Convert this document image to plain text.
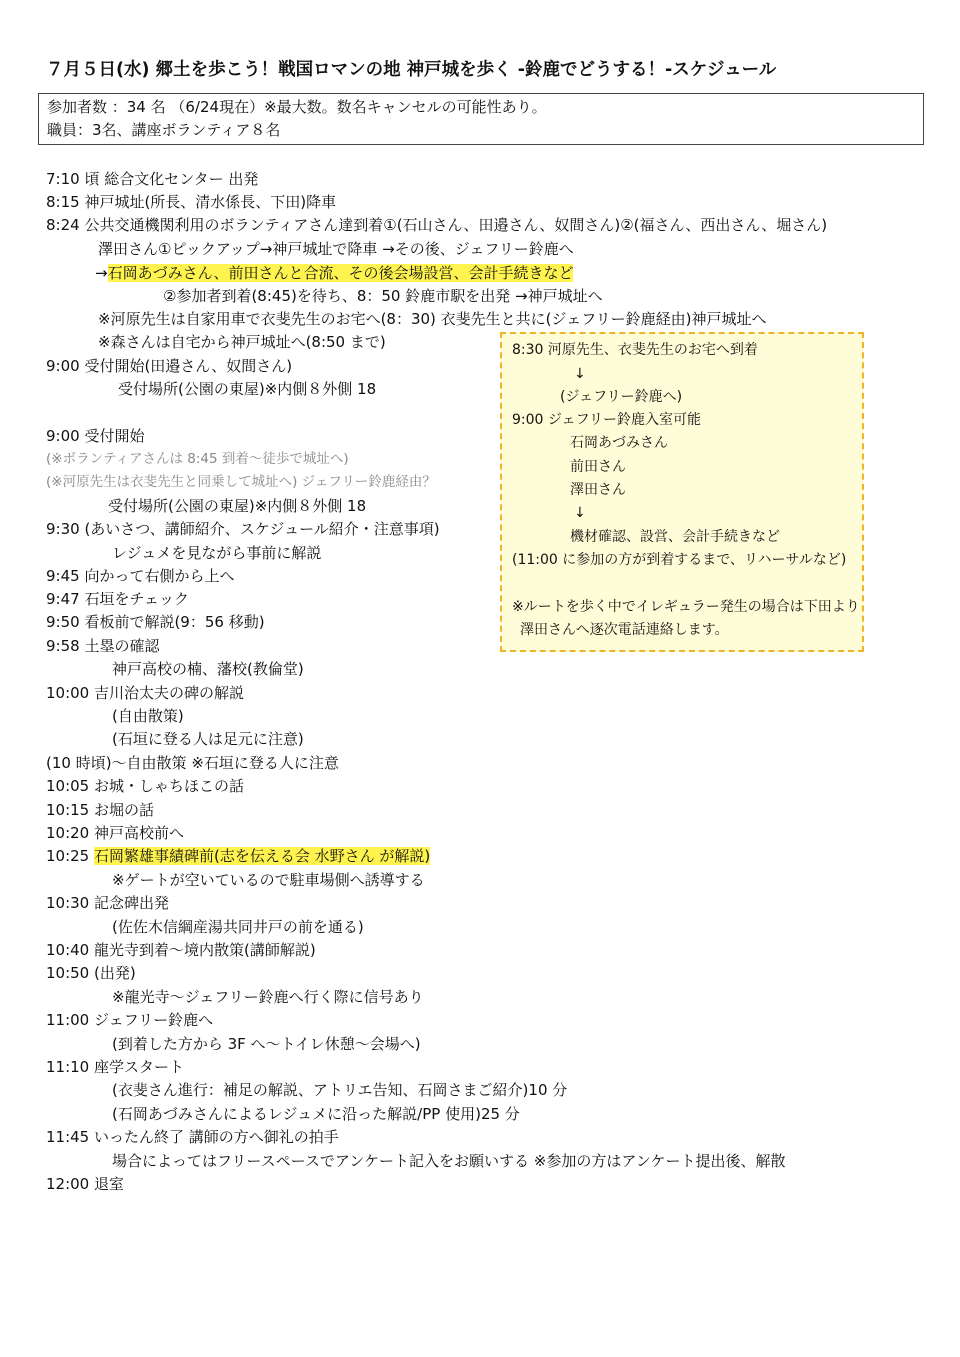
７月５日(水) 郷土を歩こう！戦国ロマンの地 神戸城を歩く -鈴鹿でどうする！-スケジュール
参加者数 ：34 名 （6/24現在）※最大数。数名キャンセルの可能性あり。
職員：3名、講座ボランティア８名
7:10 頃 総合文化センター 出発
8:15 神戸城址(所長、清水係長、下田)降車
8:24 公共交通機関利用のボランティアさん達到着①(石山さん、田邉さん、奴間さん)②(福さん、西出さん、堀さん)
澤田さん①ピックアップ→神戸城址で降車 →その後、ジェフリー鈴鹿へ
→石岡あづみさん、前田さんと合流、その後会場設営、会計手続きなど
②参加者到着(8:45)を待ち、8：50 鈴鹿市駅を出発 →神戸城址へ
※河原先生は自家用車で衣斐先生のお宅へ(8：30) 衣斐先生と共に(ジェフリー鈴鹿経由)神戸城址へ
※森さんは自宅から神戸城址へ(8:50 まで)
9:00 受付開始(田邉さん、奴間さん)
受付場所(公園の東屋)※内側８外側 18
9:00 受付開始
(※ボランティアさんは 8:45 到着～徒歩で城址へ)
(※河原先生は衣斐先生と同乗して城址へ) ジェフリー鈴鹿経由？
受付場所(公園の東屋)※内側８外側 18
9:30 (あいさつ、講師紹介、スケジュール紹介・注意事項)
レジュメを見ながら事前に解説
9:45 向かって右側から上へ
9:47 石垣をチェック
9:50 看板前で解説(9：56 移動)
9:58 土塁の確認
神戸高校の楠、藩校(教倫堂)
10:00 吉川治太夫の碑の解説
(自由散策)
(石垣に登る人は足元に注意)
(10 時頃)～自由散策 ※石垣に登る人に注意
10:05 お城・しゃちほこの話
10:15 お堀の話
10:20 神戸高校前へ
10:25 石岡繁雄事績碑前(志を伝える会 水野さん が解説)
※ゲートが空いているので駐車場側へ誘導する
10:30 記念碑出発
(佐佐木信綱産湯共同井戸の前を通る)
10:40 龍光寺到着～境内散策(講師解説)
10:50 (出発)
※龍光寺～ジェフリー鈴鹿へ行く際に信号あり
11:00 ジェフリー鈴鹿へ
(到着した方から 3F へ～トイレ休憩～会場へ)
11:10 座学スタート
(衣斐さん進行：補足の解説、アトリエ告知、石岡さまご紹介)10 分
(石岡あづみさんによるレジュメに沿った解説/PP 使用)25 分
11:45 いったん終了 講師の方へ御礼の拍手
場合によってはフリースペースでアンケート記入をお願いする ※参加の方はアンケート提出後、解散
12:00 退室
8:30 河原先生、衣斐先生のお宅へ到着
↓
(ジェフリー鈴鹿へ)
9:00 ジェフリー鈴鹿入室可能
石岡あづみさん
前田さん
澤田さん
↓
機材確認、設営、会計手続きなど
(11:00 に参加の方が到着するまで、リハーサルなど)
※ルートを歩く中でイレギュラー発生の場合は下田より
澤田さんへ逐次電話連絡します。
